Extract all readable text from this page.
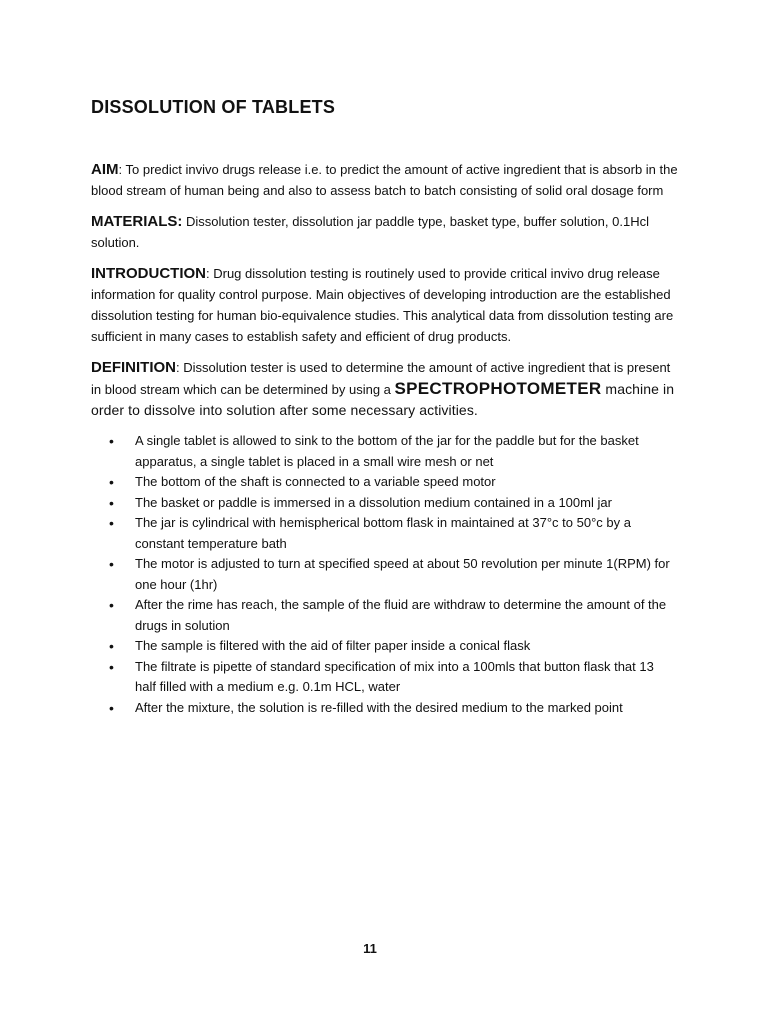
DISSOLUTION OF TABLETS

AIM: To predict invivo drugs release i.e. to predict the amount of active ingredient that is absorb in the blood stream of human being and also to assess batch to batch consisting of solid oral dosage form

MATERIALS: Dissolution tester, dissolution jar paddle type, basket type, buffer solution, 0.1Hcl solution.

INTRODUCTION: Drug dissolution testing is routinely used to provide critical invivo drug release information for quality control purpose. Main objectives of developing introduction are the established dissolution testing for human bio-equivalence studies. This analytical data from dissolution testing are sufficient in many cases to establish safety and efficient of drug products.

DEFINITION: Dissolution tester is used to determine the amount of active ingredient that is present in blood stream which can be determined by using a SPECTROPHOTOMETER machine in order to dissolve into solution after some necessary activities.

• A single tablet is allowed to sink to the bottom of the jar for the paddle but for the basket
apparatus, a single tablet is placed in a small wire mesh or net
• The bottom of the shaft is connected to a variable speed motor
• The basket or paddle is immersed in a dissolution medium contained in a 100ml jar
• The jar is cylindrical with hemispherical bottom flask in maintained at 37°c to 50°c by a constant temperature bath
• The motor is adjusted to turn at specified speed at about 50 revolution per minute 1(RPM) for
one hour (1hr)
• After the rime has reach, the sample of the fluid are withdraw to determine the amount of the
drugs in solution
• The sample is filtered with the aid of filter paper inside a conical flask
• The filtrate is pipette of standard specification of mix into a 100mls that button flask that 13
half filled with a medium e.g. 0.1m HCL, water
• After the mixture, the solution is re-filled with the desired medium to the marked point
11
